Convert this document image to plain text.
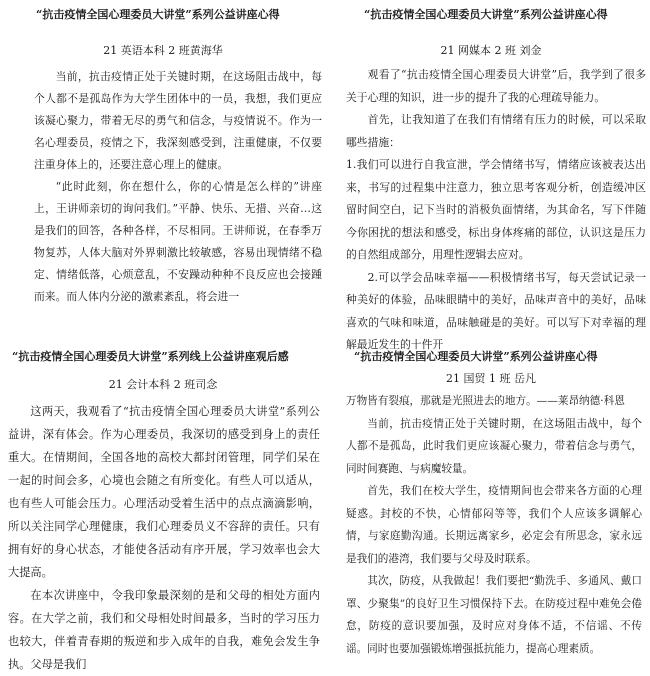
“抗击疫情全国心理委员大讲堂”系列公益讲座心得
21 英语本科 2 班黄海华

当前，抗击疫情正处于关键时期，在这场阻击战中，每个人都不是孤岛作为大学生团体中的一员，我想，我们更应该凝心聚力，带着无尽的勇气和信念，与疫情说不。作为一名心理委员，疫情之下，我深刻感受到，注重健康，不仅要注重身体上的，还要注意心理上的健康。

“此时此刻，你在想什么，你的心情是怎么样的”讲座上，王讲师亲切的询问我们。”平静、快乐、无措、兴奋…这是我们的回答，各种各样，不尽相同。王讲师说，在春季万物复苏，人体大脑对外界刺激比较敏感，容易出现情绪不稳定、情绪低落，心烦意乱，不安躁动种种不良反应也会接踵而来。而人体内分泌的激素紊乱，将会进一

“抗击疫情全国心理委员大讲堂”系列公益讲座心得
21 网媒本 2 班 刘金

观看了“抗击疫情全国心理委员大讲堂”后，我学到了很多关于心理的知识，进一步的提升了我的心理疏导能力。

首先，让我知道了在我们有情绪有压力的时候，可以采取哪些措施：

1.我们可以进行自我宣泄，学会情绪书写，情绪应该被表达出来，书写的过程集中注意力，独立思考客观分析，创造缓冲区留时间空白，记下当时的消极负面情绪，为其命名，写下伴随今你困扰的想法和感受，标出身体疼痛的部位，认识这是压力的自然组成部分，用理性逻辑去应对。

2.可以学会品味幸福——积极情绪书写，每天尝试记录一种美好的体验，品味眼睛中的美好，品味声音中的美好，品味喜欢的气味和味道，品味触碰是的美好。可以写下对幸福的理解最近发生的十件开

“抗击疫情全国心理委员大讲堂”系列线上公益讲座观后感
21 会计本科 2 班司念

这两天，我观看了“抗击疫情全国心理委员大讲堂”系列公益讲，深有体会。作为心理委员，我深切的感受到身上的责任重大。在情期间，全国各地的高校大都封闭管理，同学们呆在一起的时间会多，心境也会随之有所变化。有些人可以适从，也有些人可能会压力。心理活动受着生活中的点点滴滴影响，所以关注同学心理健康，我们心理委员义不容辞的责任。只有拥有好的身心状态，才能使各活动有序开展，学习效率也会大大提高。

在本次讲座中，令我印象最深刻的是和父母的相处方面内容。在大学之前，我们和父母相处时间最多，当时的学习压力也较大，伴着青春期的叛逆和步入成年的自我，难免会发生争执。父母是我们

“抗击疫情全国心理委员大讲堂”系列公益讲座心得
21 国贸 1 班 岳凡

万物皆有裂痕，那就是光照进去的地方。——莱昂纳德·科恩

当前，抗击疫情正处于关键时期，在这场阻击战中，每个人都不是孤岛，此时我们更应该凝心聚力，带着信念与勇气，同时间赛跑、与病魔较量。

首先，我们在校大学生，疫情期间也会带来各方面的心理疑惑。封校的不快，心情郁闷等等，我们个人应该多调解心情，与家庭勤沟通。长期远离家乡，必定会有所思念，家永远是我们的港湾，我们要与父母及时联系。

其次，防疫，从我做起！我们要把“勤洗手、多通风、戴口罩、少聚集”的良好卫生习惯保持下去。在防疫过程中难免会倦怠，防疫的意识要加强，及时应对身体不适，不信谣、不传谣。同时也要加强锻炼增强抵抗能力，提高心理素质。
